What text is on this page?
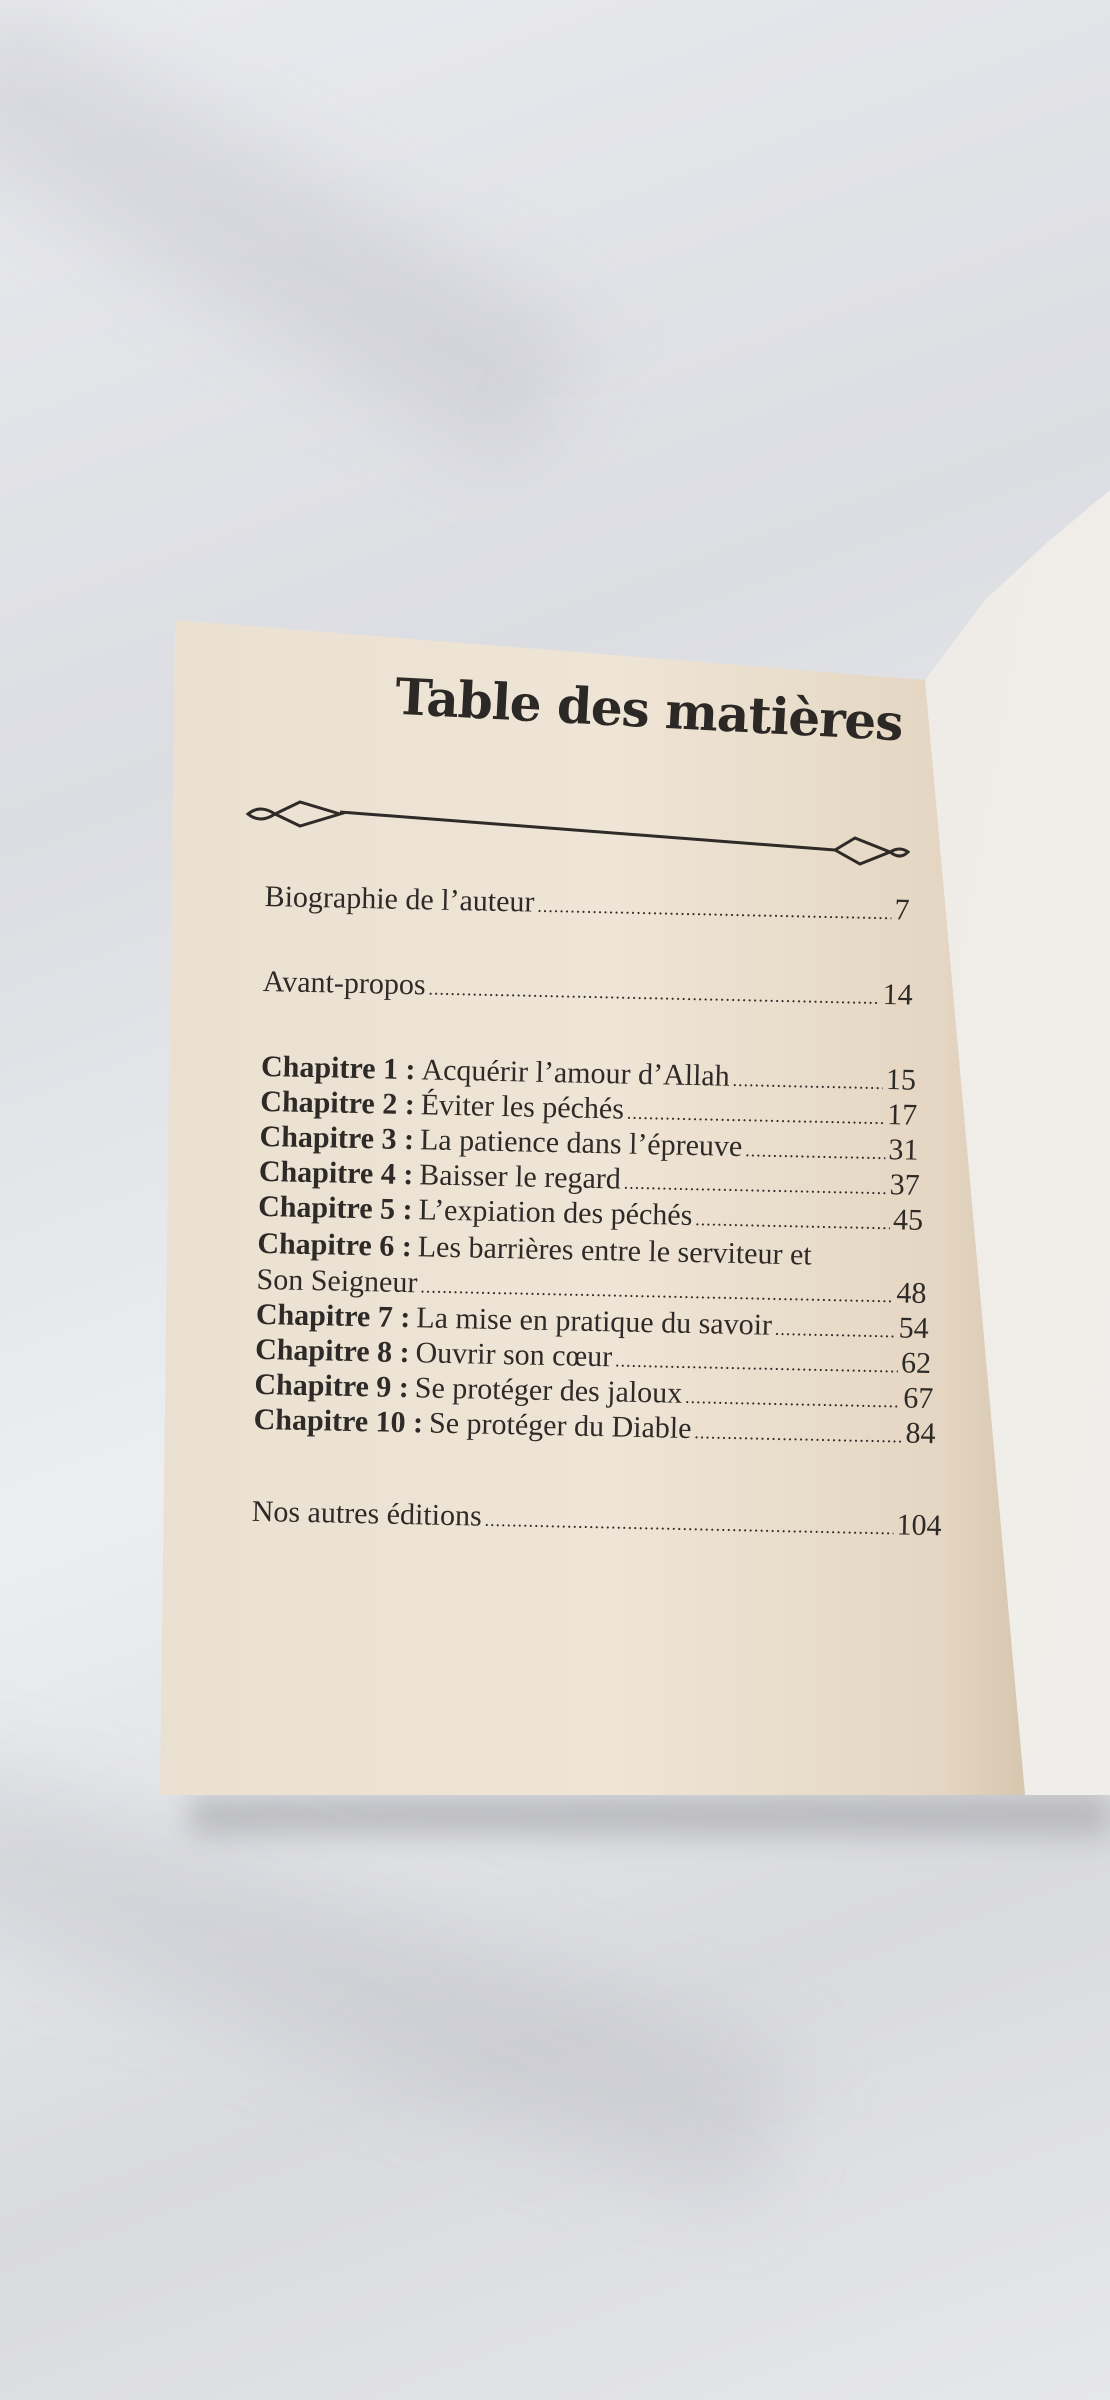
Table des matières
Biographie de l’auteur .....	7
Avant-propos .....	14
Chapitre 1 : Acquérir l’amour d’Allah .....	15
Chapitre 2 : Éviter les péchés .....	17
Chapitre 3 : La patience dans l’épreuve .....	31
Chapitre 4 : Baisser le regard .....	37
Chapitre 5 : L’expiation des péchés .....	45
Chapitre 6 : Les barrières entre le serviteur et
Son Seigneur .....	48
Chapitre 7 : La mise en pratique du savoir .....	54
Chapitre 8 : Ouvrir son cœur .....	62
Chapitre 9 : Se protéger des jaloux .....	67
Chapitre 10 : Se protéger du Diable .....	84
Nos autres éditions .....	104
